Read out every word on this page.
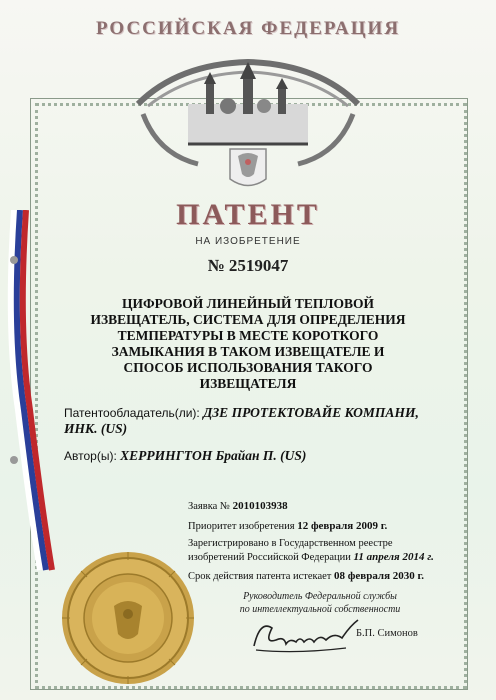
РОССИЙСКАЯ ФЕДЕРАЦИЯ
ПАТЕНТ
НА ИЗОБРЕТЕНИЕ
№ 2519047
ЦИФРОВОЙ ЛИНЕЙНЫЙ ТЕПЛОВОЙ ИЗВЕЩАТЕЛЬ, СИСТЕМА ДЛЯ ОПРЕДЕЛЕНИЯ ТЕМПЕРАТУРЫ В МЕСТЕ КОРОТКОГО ЗАМЫКАНИЯ В ТАКОМ ИЗВЕЩАТЕЛЕ И СПОСОБ ИСПОЛЬЗОВАНИЯ ТАКОГО ИЗВЕЩАТЕЛЯ
Патентообладатель(ли): ДЗЕ ПРОТЕКТОВАЙЕ КОМПАНИ, ИНК. (US)
Автор(ы): ХЕРРИНГТОН Брайан П. (US)
Заявка № 2010103938
Приоритет изобретения 12 февраля 2009 г.
Зарегистрировано в Государственном реестре
изобретений Российской Федерации 11 апреля 2014 г.
Срок действия патента истекает 08 февраля 2030 г.
Руководитель Федеральной службы
по интеллектуальной собственности
Б.П. Симонов
